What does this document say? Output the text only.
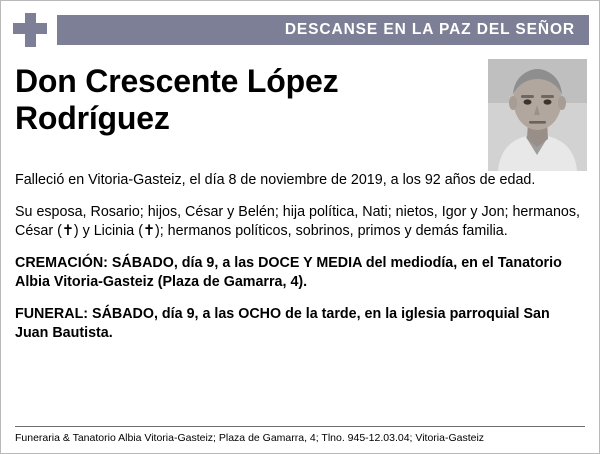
DESCANSE EN LA PAZ DEL SEÑOR
Don Crescente López Rodríguez

Falleció en Vitoria-Gasteiz, el día 8 de noviembre de 2019, a los 92 años de edad.

Su esposa, Rosario; hijos, César y Belén; hija política, Nati; nietos, Igor y Jon; hermanos, César (✝) y Licinia (✝); hermanos políticos, sobrinos, primos y demás familia.

CREMACIÓN: SÁBADO, día 9, a las DOCE Y MEDIA del mediodía, en el Tanatorio Albia Vitoria-Gasteiz (Plaza de Gamarra, 4).

FUNERAL: SÁBADO, día 9, a las OCHO de la tarde, en la iglesia parroquial San Juan Bautista.

Funeraria & Tanatorio Albia Vitoria-Gasteiz; Plaza de Gamarra, 4; Tlno. 945-12.03.04; Vitoria-Gasteiz
